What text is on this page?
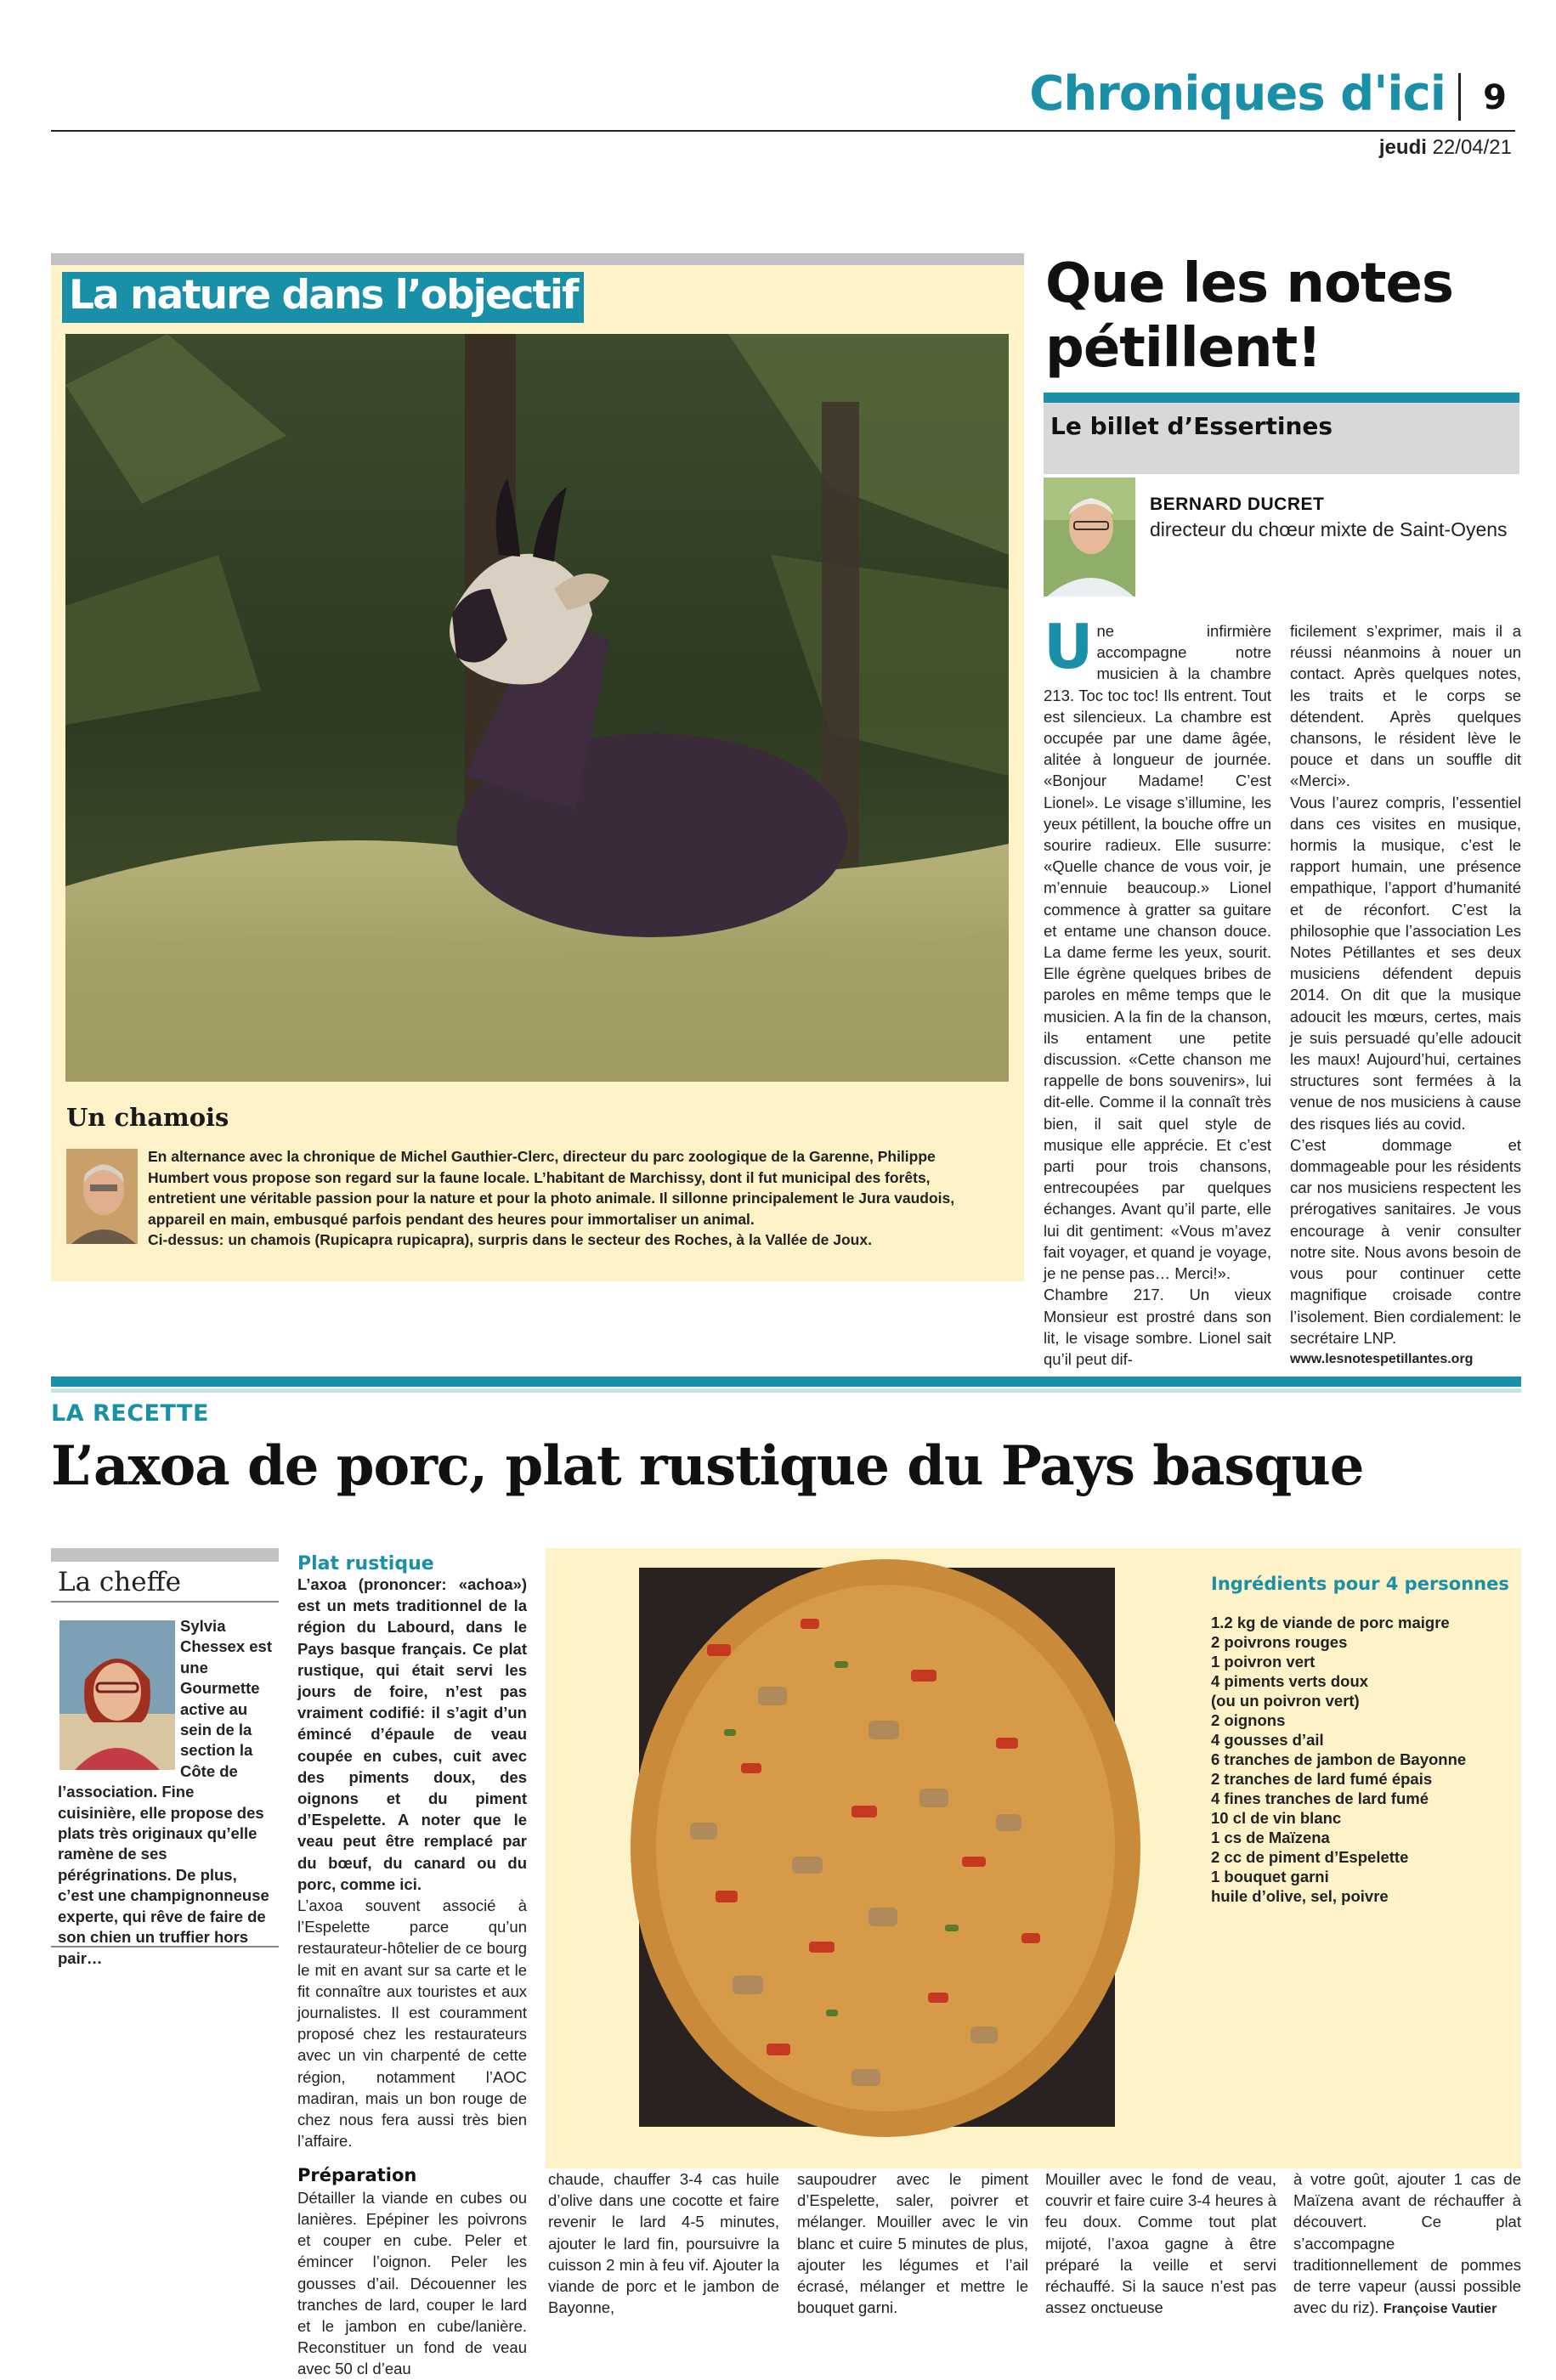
Chroniques d'ici 9
jeudi 22/04/21
La nature dans l’objectif
Un chamois
En alternance avec la chronique de Michel Gauthier-Clerc, directeur du parc zoologique de la Garenne, Philippe Humbert vous propose son regard sur la faune locale. L’habitant de Marchissy, dont il fut municipal des forêts, entretient une véritable passion pour la nature et pour la photo animale. Il sillonne principalement le Jura vaudois, appareil en main, embusqué parfois pendant des heures pour immortaliser un animal.
Ci-dessus: un chamois (Rupicapra rupicapra), surpris dans le secteur des Roches, à la Vallée de Joux.
Que les notes pétillent!
Le billet d’Essertines
BERNARD DUCRET
directeur du chœur mixte de Saint-Oyens

Une infirmière accompagne notre musicien à la chambre 213. Toc toc toc! Ils entrent. Tout est silencieux. La chambre est occupée par une dame âgée, alitée à longueur de journée. «Bonjour Madame! C’est Lionel». Le visage s’illumine, les yeux pétillent, la bouche offre un sourire radieux. Elle susurre: «Quelle chance de vous voir, je m’ennuie beaucoup.» Lionel commence à gratter sa guitare et entame une chanson douce. La dame ferme les yeux, sourit. Elle égrène quelques bribes de paroles en même temps que le musicien. A la fin de la chanson, ils entament une petite discussion. «Cette chanson me rappelle de bons souvenirs», lui dit-elle. Comme il la connaît très bien, il sait quel style de musique elle apprécie. Et c’est parti pour trois chansons, entrecoupées par quelques échanges. Avant qu’il parte, elle lui dit gentiment: «Vous m’avez fait voyager, et quand je voyage, je ne pense pas… Merci!».

Chambre 217. Un vieux Monsieur est prostré dans son lit, le visage sombre. Lionel sait qu’il peut dif-

ficilement s’exprimer, mais il a réussi néanmoins à nouer un contact. Après quelques notes, les traits et le corps se détendent. Après quelques chansons, le résident lève le pouce et dans un souffle dit «Merci».

Vous l’aurez compris, l’essentiel dans ces visites en musique, hormis la musique, c’est le rapport humain, une présence empathique, l’apport d’humanité et de réconfort. C’est la philosophie que l’association Les Notes Pétillantes et ses deux musiciens défendent depuis 2014. On dit que la musique adoucit les mœurs, certes, mais je suis persuadé qu’elle adoucit les maux! Aujourd’hui, certaines structures sont fermées à la venue de nos musiciens à cause des risques liés au covid.

C’est dommage et dommageable pour les résidents car nos musiciens respectent les prérogatives sanitaires. Je vous encourage à venir consulter notre site. Nous avons besoin de vous pour continuer cette magnifique croisade contre l’isolement. Bien cordialement: le secrétaire LNP.

www.lesnotespetillantes.org

LA RECETTE
L’axoa de porc, plat rustique du Pays basque
La cheffe
Sylvia Chessex est une Gourmette active au sein de la section la Côte de l’association. Fine cuisinière, elle propose des plats très originaux qu’elle ramène de ses pérégrinations. De plus, c’est une champignonneuse experte, qui rêve de faire de son chien un truffier hors pair…
Plat rustique

L’axoa (prononcer: «achoa») est un mets traditionnel de la région du Labourd, dans le Pays basque français. Ce plat rustique, qui était servi les jours de foire, n’est pas vraiment codifié: il s’agit d’un émincé d’épaule de veau coupée en cubes, cuit avec des piments doux, des oignons et du piment d’Espelette. A noter que le veau peut être remplacé par du bœuf, du canard ou du porc, comme ici.

L’axoa souvent associé à l’Espelette parce qu’un restaurateur-hôtelier de ce bourg le mit en avant sur sa carte et le fit connaître aux touristes et aux journalistes. Il est couramment proposé chez les restaurateurs avec un vin charpenté de cette région, notamment l’AOC madiran, mais un bon rouge de chez nous fera aussi très bien l’affaire.

Préparation

Détailler la viande en cubes ou lanières. Epépiner les poivrons et couper en cube. Peler et émincer l’oignon. Peler les gousses d’ail. Découenner les tranches de lard, couper le lard et le jambon en cube/lanière. Reconstituer un fond de veau avec 50 cl d’eau

Ingrédients pour 4 personnes
1.2 kg de viande de porc maigre
2 poivrons rouges
1 poivron vert
4 piments verts doux
(ou un poivron vert)
2 oignons
4 gousses d’ail
6 tranches de jambon de Bayonne
2 tranches de lard fumé épais
4 fines tranches de lard fumé
10 cl de vin blanc
1 cs de Maïzena
2 cc de piment d’Espelette
1 bouquet garni
huile d’olive, sel, poivre
chaude, chauffer 3-4 cas huile d’olive dans une cocotte et faire revenir le lard 4-5 minutes, ajouter le lard fin, poursuivre la cuisson 2 min à feu vif. Ajouter la viande de porc et le jambon de Bayonne,
saupoudrer avec le piment d’Espelette, saler, poivrer et mélanger. Mouiller avec le vin blanc et cuire 5 minutes de plus, ajouter les légumes et l’ail écrasé, mélanger et mettre le bouquet garni.
Mouiller avec le fond de veau, couvrir et faire cuire 3-4 heures à feu doux. Comme tout plat mijoté, l’axoa gagne à être préparé la veille et servi réchauffé. Si la sauce n’est pas assez onctueuse
à votre goût, ajouter 1 cas de Maïzena avant de réchauffer à découvert. Ce plat s’accompagne traditionnellement de pommes de terre vapeur (aussi possible avec du riz). Françoise Vautier
